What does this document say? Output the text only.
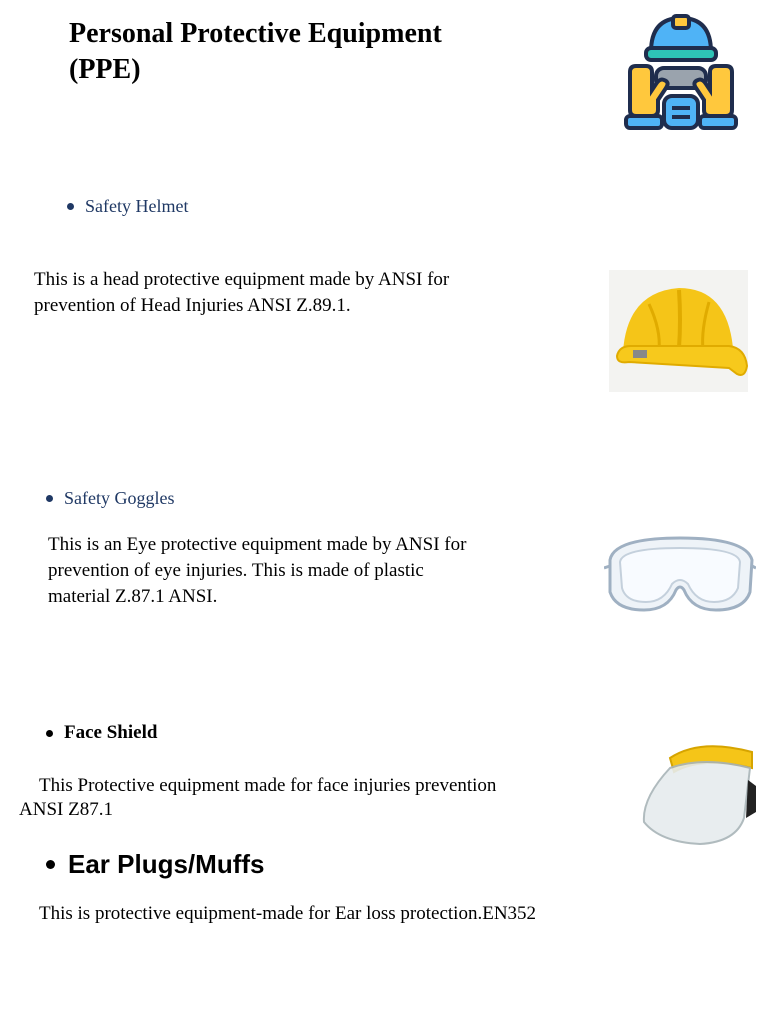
Personal Protective Equipment (PPE)
Safety Helmet

This is a head protective equipment made by ANSI for prevention of Head Injuries ANSI Z.89.1.

Safety Goggles

This is an Eye protective equipment made by ANSI for prevention of eye injuries. This is made of plastic material Z.87.1 ANSI.

Face Shield

This Protective equipment made for face injuries prevention

ANSI Z87.1

Ear Plugs/Muffs

This is protective equipment-made for Ear loss protection.EN352
